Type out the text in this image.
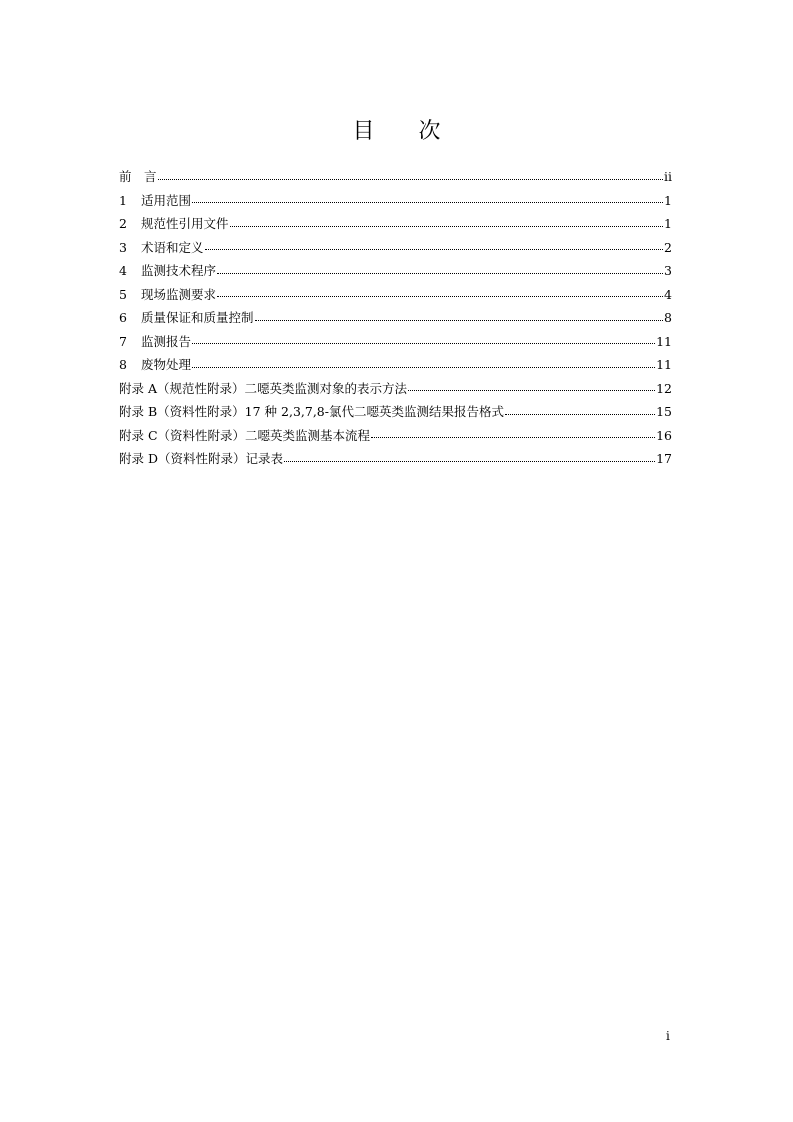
目　　次
前　言	ii
1	适用范围	1
2	规范性引用文件	1
3	术语和定义	2
4	监测技术程序	3
5	现场监测要求	4
6	质量保证和质量控制	8
7	监测报告	11
8	废物处理	11
附录 A（规范性附录）二噁英类监测对象的表示方法	12
附录 B（资料性附录）17 种 2,3,7,8-氯代二噁英类监测结果报告格式	15
附录 C（资料性附录）二噁英类监测基本流程	16
附录 D（资料性附录）记录表	17
i
